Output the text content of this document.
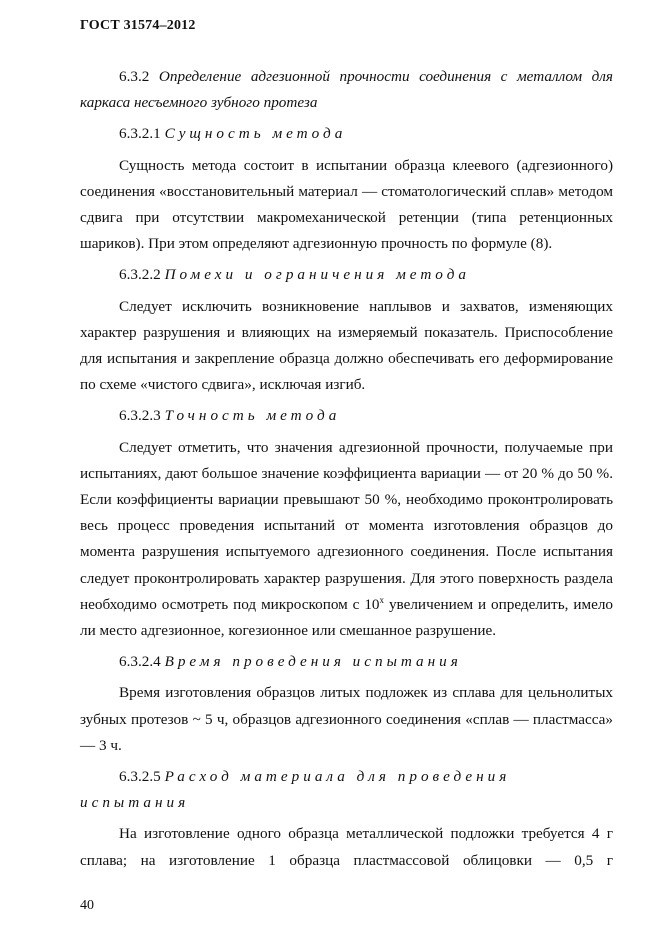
ГОСТ 31574–2012

6.3.2 Определение адгезионной прочности соединения с металлом для каркаса несъемного зубного протеза

6.3.2.1 Сущность метода

Сущность метода состоит в испытании образца клеевого (адгезионного) соединения «восстановительный материал — стоматологический сплав» методом сдвига при отсутствии макромеханической ретенции (типа ретенционных шариков). При этом определяют адгезионную прочность по формуле (8).

6.3.2.2 Помехи и ограничения метода

Следует исключить возникновение наплывов и захватов, изменяющих характер разрушения и влияющих на измеряемый показатель. Приспособление для испытания и закрепление образца должно обеспечивать его деформирование по схеме «чистого сдвига», исключая изгиб.

6.3.2.3 Точность метода

Следует отметить, что значения адгезионной прочности, получаемые при испытаниях, дают большое значение коэффициента вариации — от 20 % до 50 %. Если коэффициенты вариации превышают 50 %, необходимо проконтролировать весь процесс проведения испытаний от момента изготовления образцов до момента разрушения испытуемого адгезионного соединения. После испытания следует проконтролировать характер разрушения. Для этого поверхность раздела необходимо осмотреть под микроскопом с $10^х$ увеличением и определить, имело ли место адгезионное, когезионное или смешанное разрушение.

6.3.2.4 Время проведения испытания

Время изготовления образцов литых подложек из сплава для цельнолитых зубных протезов ~ 5 ч, образцов адгезионного соединения «сплав — пластмасса» — 3 ч.

6.3.2.5 Расход материала для проведения испытания

На изготовление одного образца металлической подложки требуется 4 г сплава; на изготовление 1 образца пластмассовой облицовки — 0,5 г

40
